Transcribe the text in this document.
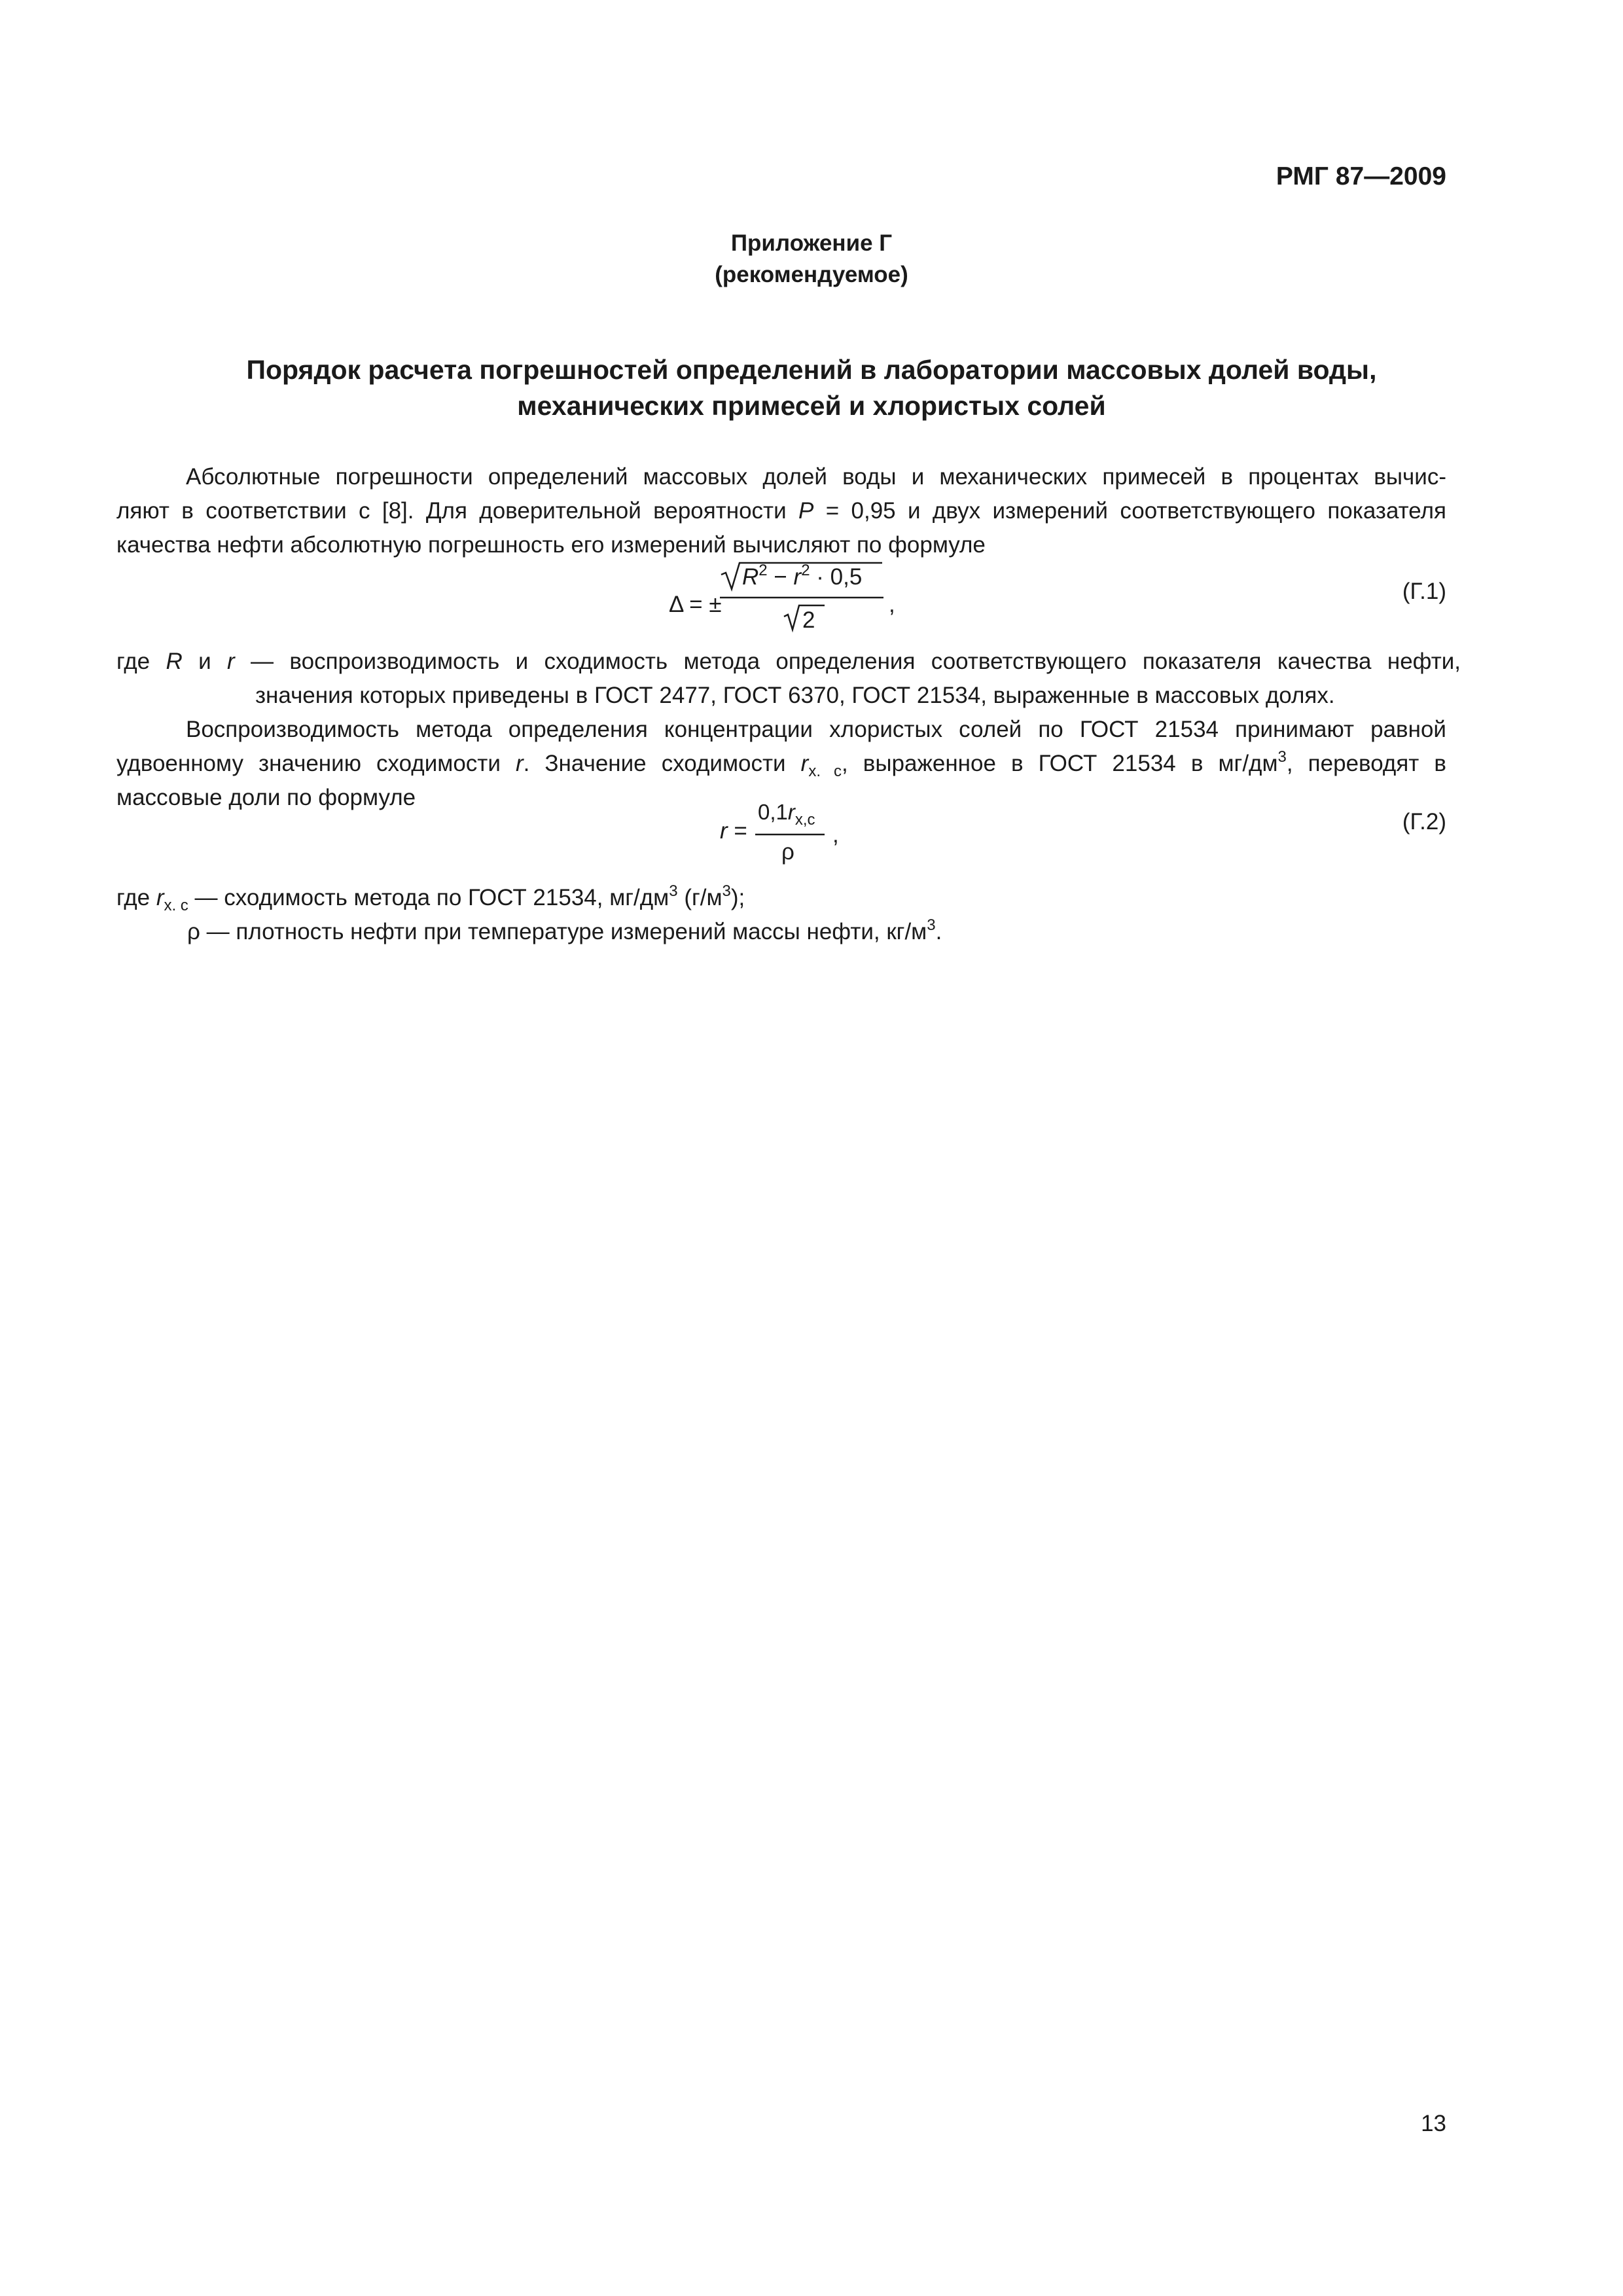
РМГ 87—2009
Приложение Г
(рекомендуемое)
Порядок расчета погрешностей определений в лаборатории массовых долей воды,
механических примесей и хлористых солей
Абсолютные погрешности определений массовых долей воды и механических примесей в процентах вычис-
ляют в соответствии с [8]. Для доверительной вероятности P = 0,95 и двух измерений соответствующего показателя
качества нефти абсолютную погрешность его измерений вычисляют по формуле
Δ = ±
$R^2 - r^2 \cdot 0,5$
2
,
(Г.1)
где R и r — воспроизводимость и сходимость метода определения соответствующего показателя качества нефти,
значения которых приведены в ГОСТ 2477, ГОСТ 6370, ГОСТ 21534, выраженные в массовых долях.
Воспроизводимость метода определения концентрации хлористых солей по ГОСТ 21534 принимают равной
удвоенному значению сходимости r. Значение сходимости $r_{х. с}$, выраженное в ГОСТ 21534 в $мг/дм^3$, переводят в
массовые доли по формуле
r =
$0,1r_{х,с}$
ρ
,
(Г.2)
где $r_{х. с}$ — сходимость метода по ГОСТ 21534, $мг/дм^3$ $(г/м^3)$;
ρ — плотность нефти при температуре измерений массы нефти, $кг/м^3$.
13
